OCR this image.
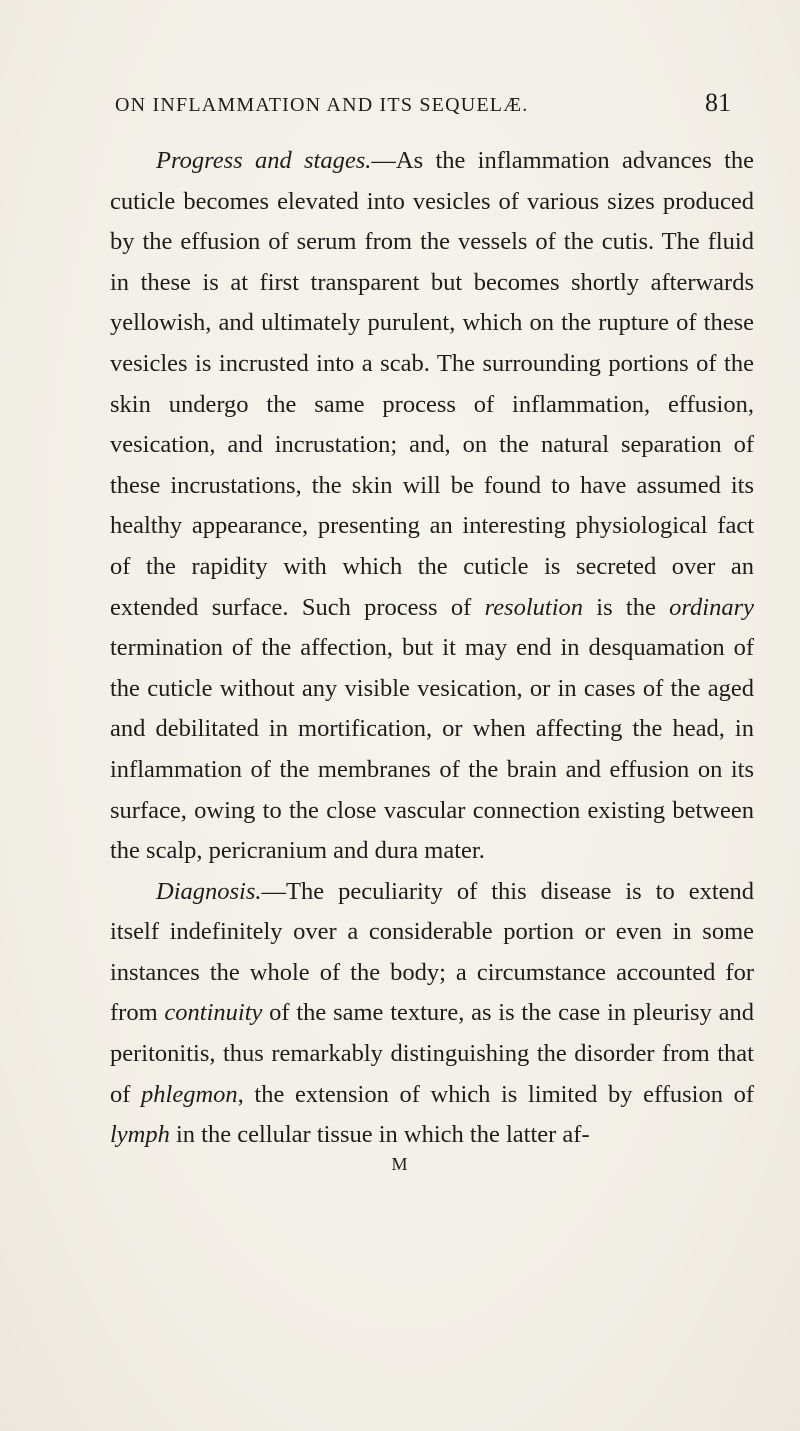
ON INFLAMMATION AND ITS SEQUELÆ.	81

Progress and stages.—As the inflammation advances the cuticle becomes elevated into vesicles of various sizes produced by the effusion of serum from the vessels of the cutis. The fluid in these is at first transparent but becomes shortly afterwards yellowish, and ultimately purulent, which on the rupture of these vesicles is incrusted into a scab. The surrounding portions of the skin undergo the same process of inflammation, effusion, vesication, and incrustation; and, on the natural separation of these incrustations, the skin will be found to have assumed its healthy appearance, presenting an interesting physiological fact of the rapidity with which the cuticle is secreted over an extended surface. Such process of resolution is the ordinary termination of the affection, but it may end in desquamation of the cuticle without any visible vesication, or in cases of the aged and debilitated in mortification, or when affecting the head, in inflammation of the membranes of the brain and effusion on its surface, owing to the close vascular connection existing between the scalp, pericranium and dura mater.

Diagnosis.—The peculiarity of this disease is to extend itself indefinitely over a considerable portion or even in some instances the whole of the body; a circumstance accounted for from continuity of the same texture, as is the case in pleurisy and peritonitis, thus remarkably distinguishing the disorder from that of phlegmon, the extension of which is limited by effusion of lymph in the cellular tissue in which the latter af-

M
